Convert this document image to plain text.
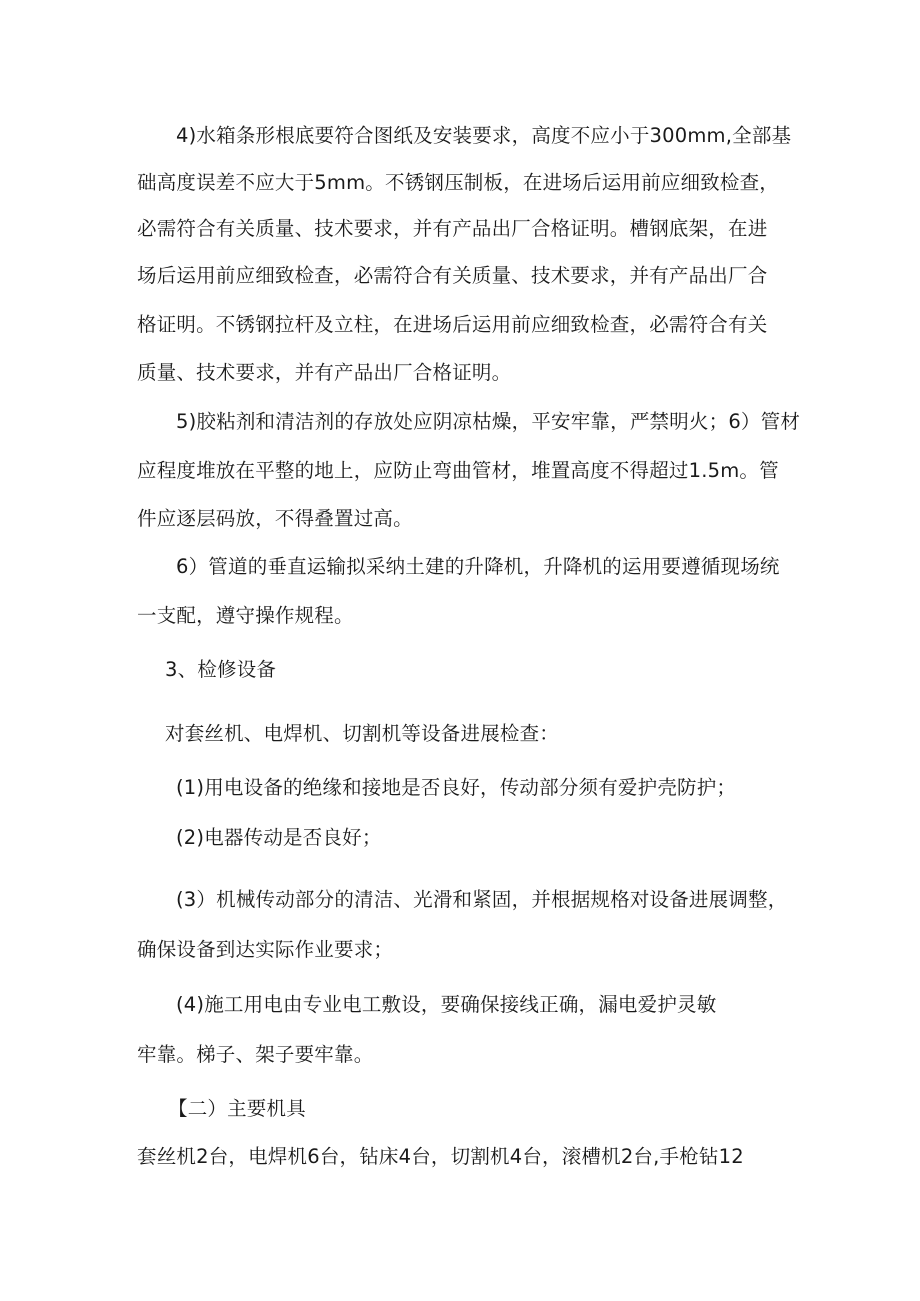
4)水箱条形根底要符合图纸及安装要求，高度不应小于300mm,全部基
础高度误差不应大于5mm。不锈钢压制板，在进场后运用前应细致检查，
必需符合有关质量、技术要求，并有产品出厂合格证明。槽钢底架，在进
场后运用前应细致检查，必需符合有关质量、技术要求，并有产品出厂合
格证明。不锈钢拉杆及立柱，在进场后运用前应细致检查，必需符合有关
质量、技术要求，并有产品出厂合格证明。
5)胶粘剂和清洁剂的存放处应阴凉枯燥，平安牢靠，严禁明火；6）管材
应程度堆放在平整的地上，应防止弯曲管材，堆置高度不得超过1.5m。管
件应逐层码放，不得叠置过高。
6）管道的垂直运输拟采纳土建的升降机，升降机的运用要遵循现场统
一支配，遵守操作规程。
3、检修设备
对套丝机、电焊机、切割机等设备进展检查：
(1)用电设备的绝缘和接地是否良好，传动部分须有爱护壳防护；
(2)电器传动是否良好；
(3）机械传动部分的清洁、光滑和紧固，并根据规格对设备进展调整，
确保设备到达实际作业要求；
(4)施工用电由专业电工敷设，要确保接线正确，漏电爱护灵敏
牢靠。梯子、架子要牢靠。
【二）主要机具
套丝机2台，电焊机6台，钻床4台，切割机4台，滚槽机2台,手枪钻12
